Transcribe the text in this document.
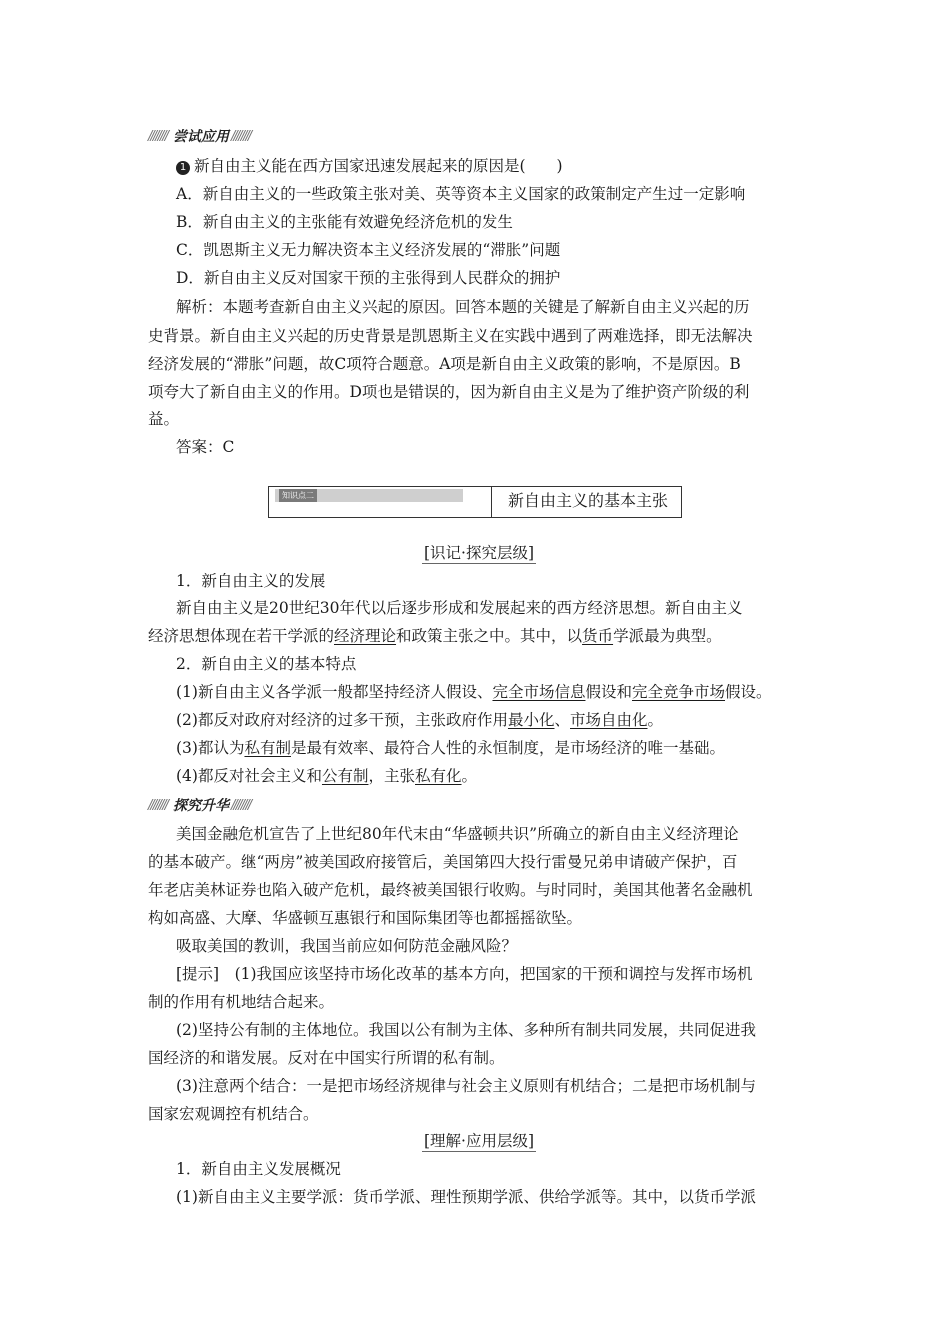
//////// 尝试应用 ////////
1 新自由主义能在西方国家迅速发展起来的原因是(　　)
A．新自由主义的一些政策主张对美、英等资本主义国家的政策制定产生过一定影响
B．新自由主义的主张能有效避免经济危机的发生
C．凯恩斯主义无力解决资本主义经济发展的“滞胀”问题
D．新自由主义反对国家干预的主张得到人民群众的拥护
解析：本题考查新自由主义兴起的原因。回答本题的关键是了解新自由主义兴起的历
史背景。新自由主义兴起的历史背景是凯恩斯主义在实践中遇到了两难选择，即无法解决
经济发展的“滞胀”问题，故C项符合题意。A项是新自由主义政策的影响，不是原因。B
项夸大了新自由主义的作用。D项也是错误的，因为新自由主义是为了维护资产阶级的利
益。
答案：C
知识点二	新自由主义的基本主张
[识记·探究层级]
1．新自由主义的发展
新自由主义是20世纪30年代以后逐步形成和发展起来的西方经济思想。新自由主义
经济思想体现在若干学派的经济理论和政策主张之中。其中，以货币学派最为典型。
2．新自由主义的基本特点
(1)新自由主义各学派一般都坚持经济人假设、完全市场信息假设和完全竞争市场假设。
(2)都反对政府对经济的过多干预，主张政府作用最小化、市场自由化。
(3)都认为私有制是最有效率、最符合人性的永恒制度，是市场经济的唯一基础。
(4)都反对社会主义和公有制，主张私有化。
//////// 探究升华 ////////
美国金融危机宣告了上世纪80年代末由“华盛顿共识”所确立的新自由主义经济理论
的基本破产。继“两房”被美国政府接管后，美国第四大投行雷曼兄弟申请破产保护，百
年老店美林证券也陷入破产危机，最终被美国银行收购。与时同时，美国其他著名金融机
构如高盛、大摩、华盛顿互惠银行和国际集团等也都摇摇欲坠。
吸取美国的教训，我国当前应如何防范金融风险？
[提示]　(1)我国应该坚持市场化改革的基本方向，把国家的干预和调控与发挥市场机
制的作用有机地结合起来。
(2)坚持公有制的主体地位。我国以公有制为主体、多种所有制共同发展，共同促进我
国经济的和谐发展。反对在中国实行所谓的私有制。
(3)注意两个结合：一是把市场经济规律与社会主义原则有机结合；二是把市场机制与
国家宏观调控有机结合。
[理解·应用层级]
1．新自由主义发展概况
(1)新自由主义主要学派：货币学派、理性预期学派、供给学派等。其中，以货币学派
